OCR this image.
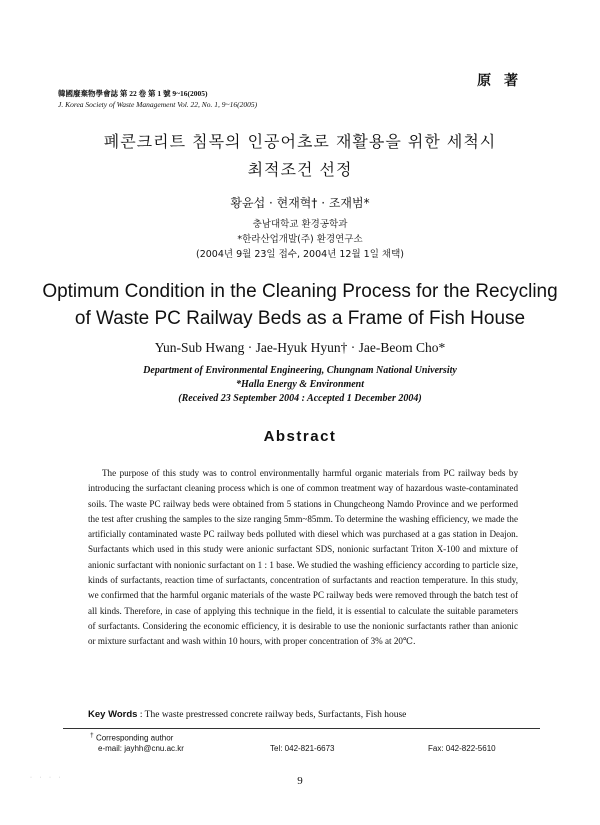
原 著
韓國廢棄物學會誌 第 22 卷 第 1 號 9~16(2005)
J. Korea Society of Waste Management Vol. 22, No. 1, 9~16(2005)
폐콘크리트 침목의 인공어초로 재활용을 위한 세척시
최적조건 선정
황윤섭 · 현재혁† · 조재범*
충남대학교 환경공학과
*한라산업개발(주) 환경연구소
(2004년 9월 23일 접수, 2004년 12월 1일 채택)
Optimum Condition in the Cleaning Process for the Recycling
of Waste PC Railway Beds as a Frame of Fish House
Yun-Sub Hwang · Jae-Hyuk Hyun† · Jae-Beom Cho*
Department of Environmental Engineering, Chungnam National University
*Halla Energy & Environment
(Received 23 September 2004 : Accepted 1 December 2004)
Abstract

The purpose of this study was to control environmentally harmful organic materials from PC railway beds by introducing the surfactant cleaning process which is one of common treatment way of hazardous waste-contaminated soils. The waste PC railway beds were obtained from 5 stations in Chungcheong Namdo Province and we performed the test after crushing the samples to the size ranging 5mm~85mm. To determine the washing efficiency, we made the artificially contaminated waste PC railway beds polluted with diesel which was purchased at a gas station in Deajon. Surfactants which used in this study were anionic surfactant SDS, nonionic surfactant Triton X-100 and mixture of anionic surfactant with nonionic surfactant on 1 : 1 base. We studied the washing efficiency according to particle size, kinds of surfactants, reaction time of surfactants, concentration of surfactants and reaction temperature. In this study, we confirmed that the harmful organic materials of the waste PC railway beds were removed through the batch test of all kinds. Therefore, in case of applying this technique in the field, it is essential to calculate the suitable parameters of surfactants. Considering the economic efficiency, it is desirable to use the nonionic surfactants rather than anionic or mixture surfactant and wash within 10 hours, with proper concentration of 3% at 20℃.

Key Words : The waste prestressed concrete railway beds, Surfactants, Fish house
† Corresponding author
e-mail: jayhh@cnu.ac.kr	Tel: 042-821-6673	Fax: 042-822-5610
· · · ·	9
